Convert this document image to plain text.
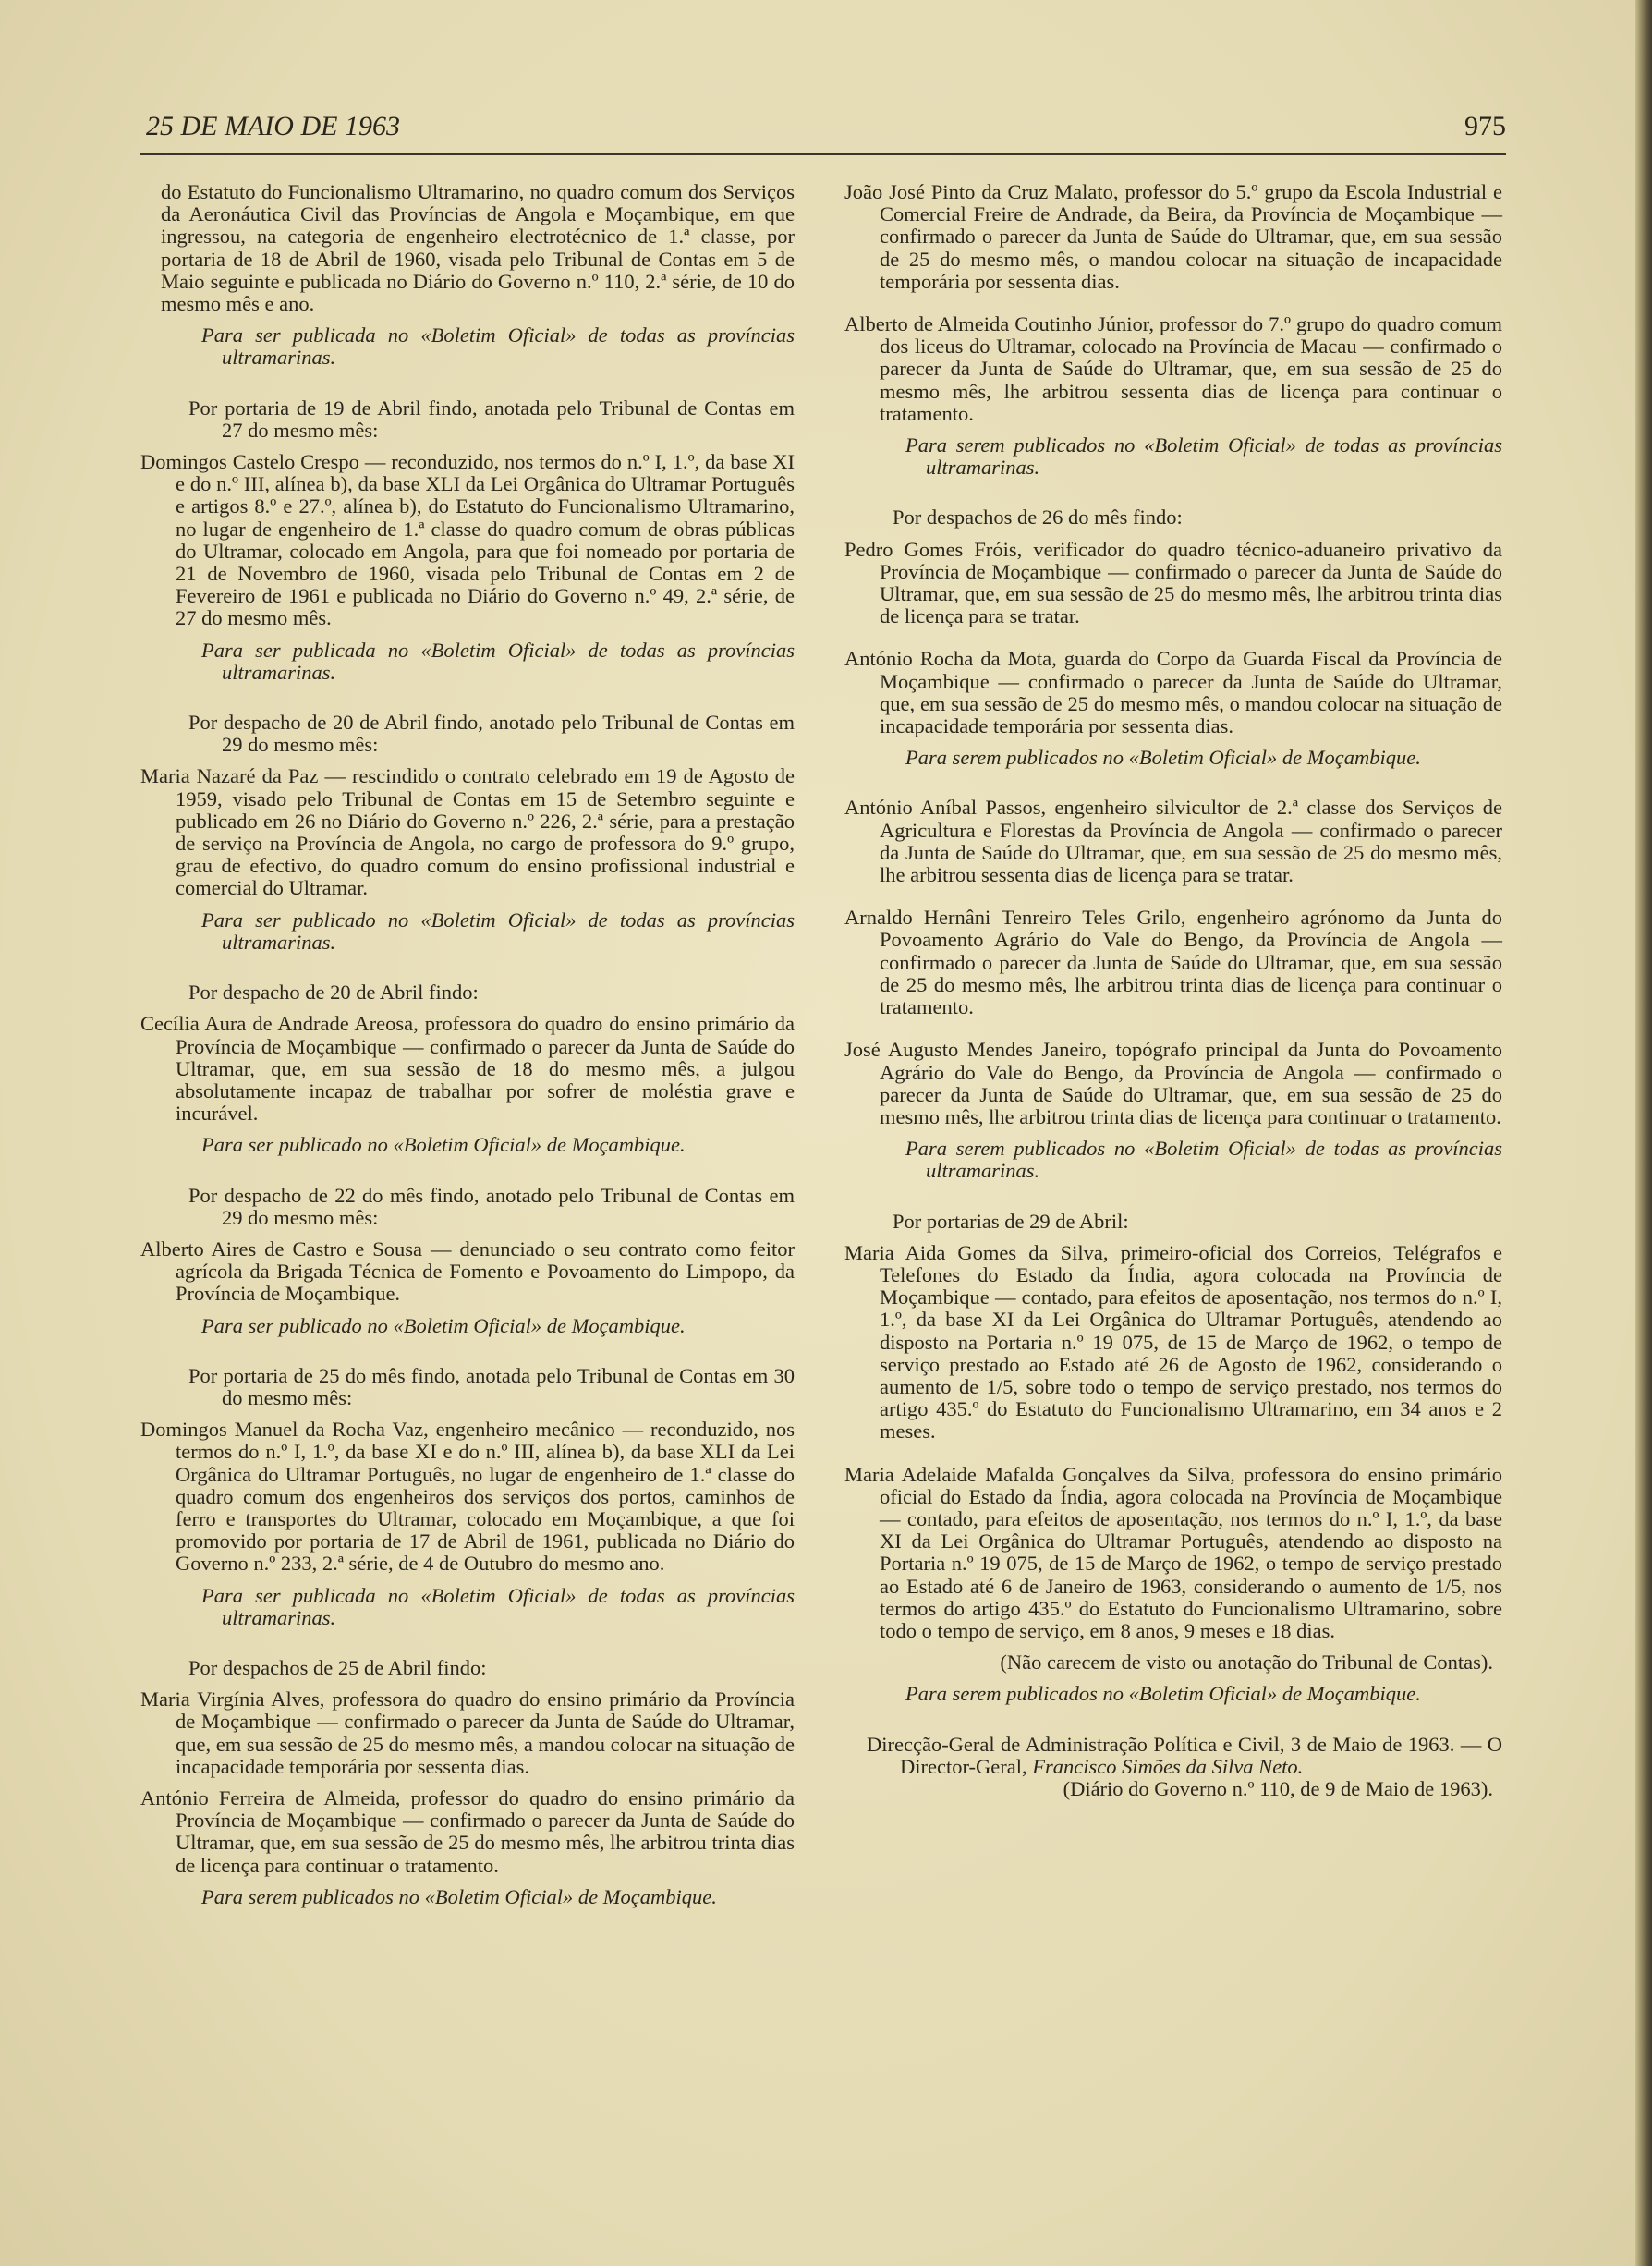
25 DE MAIO DE 1963	975

do Estatuto do Funcionalismo Ultramarino, no quadro comum dos Serviços da Aeronáutica Civil das Províncias de Angola e Moçambique, em que ingressou, na categoria de engenheiro electrotécnico de 1.ª classe, por portaria de 18 de Abril de 1960, visada pelo Tribunal de Contas em 5 de Maio seguinte e publicada no Diário do Governo n.º 110, 2.ª série, de 10 do mesmo mês e ano.

Para ser publicada no «Boletim Oficial» de todas as províncias ultramarinas.

Por portaria de 19 de Abril findo, anotada pelo Tribunal de Contas em 27 do mesmo mês:

Domingos Castelo Crespo — reconduzido, nos termos do n.º I, 1.º, da base XI e do n.º III, alínea b), da base XLI da Lei Orgânica do Ultramar Português e artigos 8.º e 27.º, alínea b), do Estatuto do Funcionalismo Ultramarino, no lugar de engenheiro de 1.ª classe do quadro comum de obras públicas do Ultramar, colocado em Angola, para que foi nomeado por portaria de 21 de Novembro de 1960, visada pelo Tribunal de Contas em 2 de Fevereiro de 1961 e publicada no Diário do Governo n.º 49, 2.ª série, de 27 do mesmo mês.

Para ser publicada no «Boletim Oficial» de todas as províncias ultramarinas.

Por despacho de 20 de Abril findo, anotado pelo Tribunal de Contas em 29 do mesmo mês:

Maria Nazaré da Paz — rescindido o contrato celebrado em 19 de Agosto de 1959, visado pelo Tribunal de Contas em 15 de Setembro seguinte e publicado em 26 no Diário do Governo n.º 226, 2.ª série, para a prestação de serviço na Província de Angola, no cargo de professora do 9.º grupo, grau de efectivo, do quadro comum do ensino profissional industrial e comercial do Ultramar.

Para ser publicado no «Boletim Oficial» de todas as províncias ultramarinas.

Por despacho de 20 de Abril findo:

Cecília Aura de Andrade Areosa, professora do quadro do ensino primário da Província de Moçambique — confirmado o parecer da Junta de Saúde do Ultramar, que, em sua sessão de 18 do mesmo mês, a julgou absolutamente incapaz de trabalhar por sofrer de moléstia grave e incurável.

Para ser publicado no «Boletim Oficial» de Moçambique.

Por despacho de 22 do mês findo, anotado pelo Tribunal de Contas em 29 do mesmo mês:

Alberto Aires de Castro e Sousa — denunciado o seu contrato como feitor agrícola da Brigada Técnica de Fomento e Povoamento do Limpopo, da Província de Moçambique.

Para ser publicado no «Boletim Oficial» de Moçambique.

Por portaria de 25 do mês findo, anotada pelo Tribunal de Contas em 30 do mesmo mês:

Domingos Manuel da Rocha Vaz, engenheiro mecânico — reconduzido, nos termos do n.º I, 1.º, da base XI e do n.º III, alínea b), da base XLI da Lei Orgânica do Ultramar Português, no lugar de engenheiro de 1.ª classe do quadro comum dos engenheiros dos serviços dos portos, caminhos de ferro e transportes do Ultramar, colocado em Moçambique, a que foi promovido por portaria de 17 de Abril de 1961, publicada no Diário do Governo n.º 233, 2.ª série, de 4 de Outubro do mesmo ano.

Para ser publicada no «Boletim Oficial» de todas as províncias ultramarinas.

Por despachos de 25 de Abril findo:

Maria Virgínia Alves, professora do quadro do ensino primário da Província de Moçambique — confirmado o parecer da Junta de Saúde do Ultramar, que, em sua sessão de 25 do mesmo mês, a mandou colocar na situação de incapacidade temporária por sessenta dias.

António Ferreira de Almeida, professor do quadro do ensino primário da Província de Moçambique — confirmado o parecer da Junta de Saúde do Ultramar, que, em sua sessão de 25 do mesmo mês, lhe arbitrou trinta dias de licença para continuar o tratamento.

Para serem publicados no «Boletim Oficial» de Moçambique.

João José Pinto da Cruz Malato, professor do 5.º grupo da Escola Industrial e Comercial Freire de Andrade, da Beira, da Província de Moçambique — confirmado o parecer da Junta de Saúde do Ultramar, que, em sua sessão de 25 do mesmo mês, o mandou colocar na situação de incapacidade temporária por sessenta dias.

Alberto de Almeida Coutinho Júnior, professor do 7.º grupo do quadro comum dos liceus do Ultramar, colocado na Província de Macau — confirmado o parecer da Junta de Saúde do Ultramar, que, em sua sessão de 25 do mesmo mês, lhe arbitrou sessenta dias de licença para continuar o tratamento.

Para serem publicados no «Boletim Oficial» de todas as províncias ultramarinas.

Por despachos de 26 do mês findo:

Pedro Gomes Fróis, verificador do quadro técnico-aduaneiro privativo da Província de Moçambique — confirmado o parecer da Junta de Saúde do Ultramar, que, em sua sessão de 25 do mesmo mês, lhe arbitrou trinta dias de licença para se tratar.

António Rocha da Mota, guarda do Corpo da Guarda Fiscal da Província de Moçambique — confirmado o parecer da Junta de Saúde do Ultramar, que, em sua sessão de 25 do mesmo mês, o mandou colocar na situação de incapacidade temporária por sessenta dias.

Para serem publicados no «Boletim Oficial» de Moçambique.

António Aníbal Passos, engenheiro silvicultor de 2.ª classe dos Serviços de Agricultura e Florestas da Província de Angola — confirmado o parecer da Junta de Saúde do Ultramar, que, em sua sessão de 25 do mesmo mês, lhe arbitrou sessenta dias de licença para se tratar.

Arnaldo Hernâni Tenreiro Teles Grilo, engenheiro agrónomo da Junta do Povoamento Agrário do Vale do Bengo, da Província de Angola — confirmado o parecer da Junta de Saúde do Ultramar, que, em sua sessão de 25 do mesmo mês, lhe arbitrou trinta dias de licença para continuar o tratamento.

José Augusto Mendes Janeiro, topógrafo principal da Junta do Povoamento Agrário do Vale do Bengo, da Província de Angola — confirmado o parecer da Junta de Saúde do Ultramar, que, em sua sessão de 25 do mesmo mês, lhe arbitrou trinta dias de licença para continuar o tratamento.

Para serem publicados no «Boletim Oficial» de todas as províncias ultramarinas.

Por portarias de 29 de Abril:

Maria Aida Gomes da Silva, primeiro-oficial dos Correios, Telégrafos e Telefones do Estado da Índia, agora colocada na Província de Moçambique — contado, para efeitos de aposentação, nos termos do n.º I, 1.º, da base XI da Lei Orgânica do Ultramar Português, atendendo ao disposto na Portaria n.º 19 075, de 15 de Março de 1962, o tempo de serviço prestado ao Estado até 26 de Agosto de 1962, considerando o aumento de 1/5, sobre todo o tempo de serviço prestado, nos termos do artigo 435.º do Estatuto do Funcionalismo Ultramarino, em 34 anos e 2 meses.

Maria Adelaide Mafalda Gonçalves da Silva, professora do ensino primário oficial do Estado da Índia, agora colocada na Província de Moçambique — contado, para efeitos de aposentação, nos termos do n.º I, 1.º, da base XI da Lei Orgânica do Ultramar Português, atendendo ao disposto na Portaria n.º 19 075, de 15 de Março de 1962, o tempo de serviço prestado ao Estado até 6 de Janeiro de 1963, considerando o aumento de 1/5, nos termos do artigo 435.º do Estatuto do Funcionalismo Ultramarino, sobre todo o tempo de serviço, em 8 anos, 9 meses e 18 dias.

(Não carecem de visto ou anotação do Tribunal de Contas).

Para serem publicados no «Boletim Oficial» de Moçambique.

Direcção-Geral de Administração Política e Civil, 3 de Maio de 1963. — O Director-Geral, Francisco Simões da Silva Neto.

(Diário do Governo n.º 110, de 9 de Maio de 1963).
